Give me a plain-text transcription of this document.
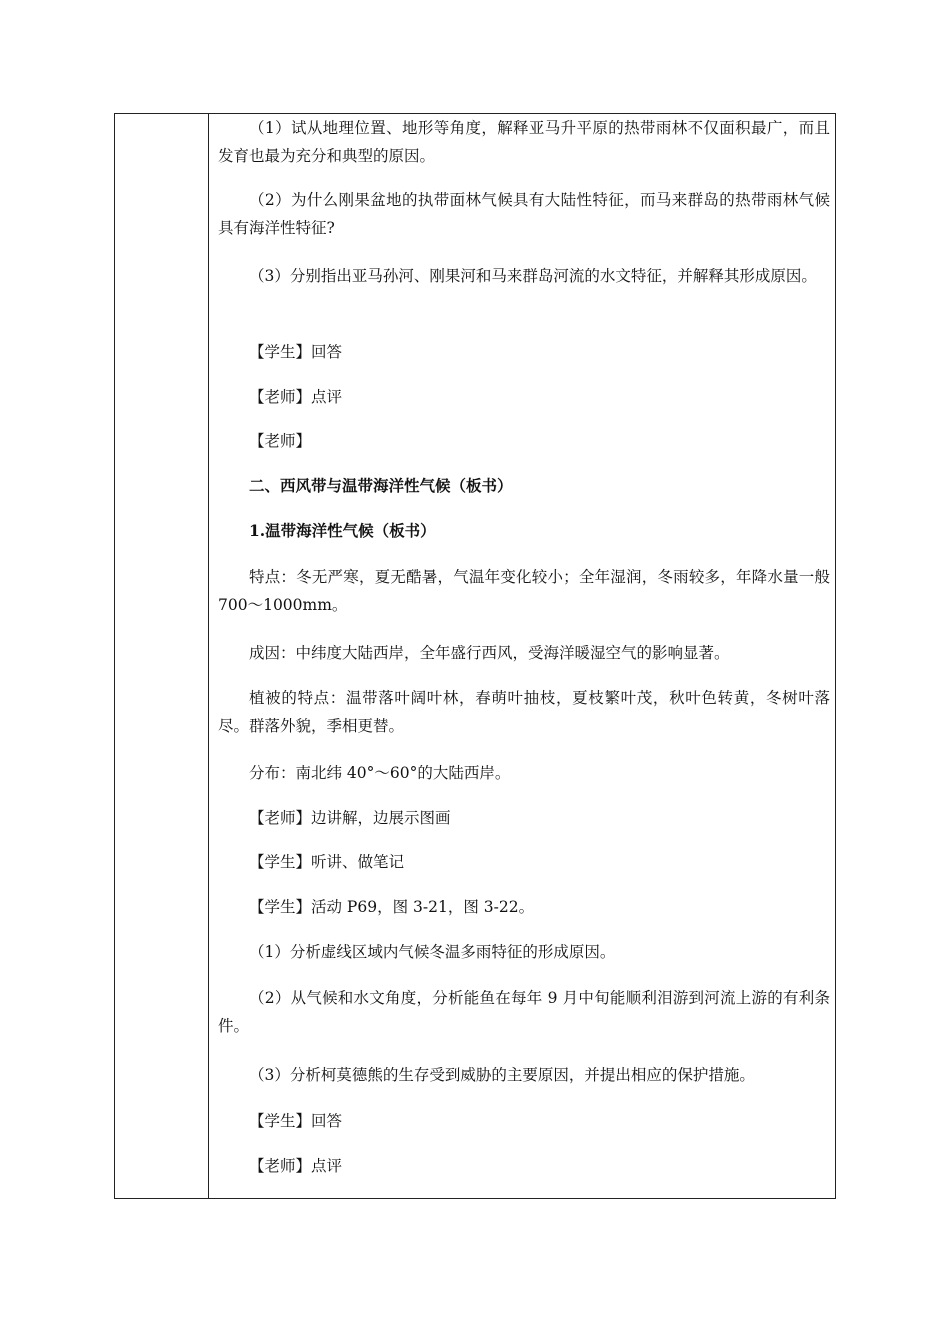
（1）试从地理位置、地形等角度，解释亚马升平原的热带雨林不仅面积最广，而且发育也最为充分和典型的原因。
（2）为什么刚果盆地的执带面林气候具有大陆性特征，而马来群岛的热带雨林气候具有海洋性特征?
（3）分别指出亚马孙河、刚果河和马来群岛河流的水文特征，并解释其形成原因。
【学生】回答
【老师】点评
【老师】
二、西风带与温带海洋性气候（板书）
1.温带海洋性气候（板书）
特点：冬无严寒，夏无酷暑，气温年变化较小；全年湿润，冬雨较多，年降水量一般 700～1000mm。
成因：中纬度大陆西岸，全年盛行西风，受海洋暖湿空气的影响显著。
植被的特点：温带落叶阔叶林，春萌叶抽枝，夏枝繁叶茂，秋叶色转黄，冬树叶落尽。群落外貌，季相更替。
分布：南北纬 40°～60°的大陆西岸。
【老师】边讲解，边展示图画
【学生】听讲、做笔记
【学生】活动 P69，图 3-21，图 3-22。
（1）分析虚线区域内气候冬温多雨特征的形成原因。
（2）从气候和水文角度，分析能鱼在每年 9 月中旬能顺利泪游到河流上游的有利条件。
（3）分析柯莫德熊的生存受到威胁的主要原因，并提出相应的保护措施。
【学生】回答
【老师】点评
